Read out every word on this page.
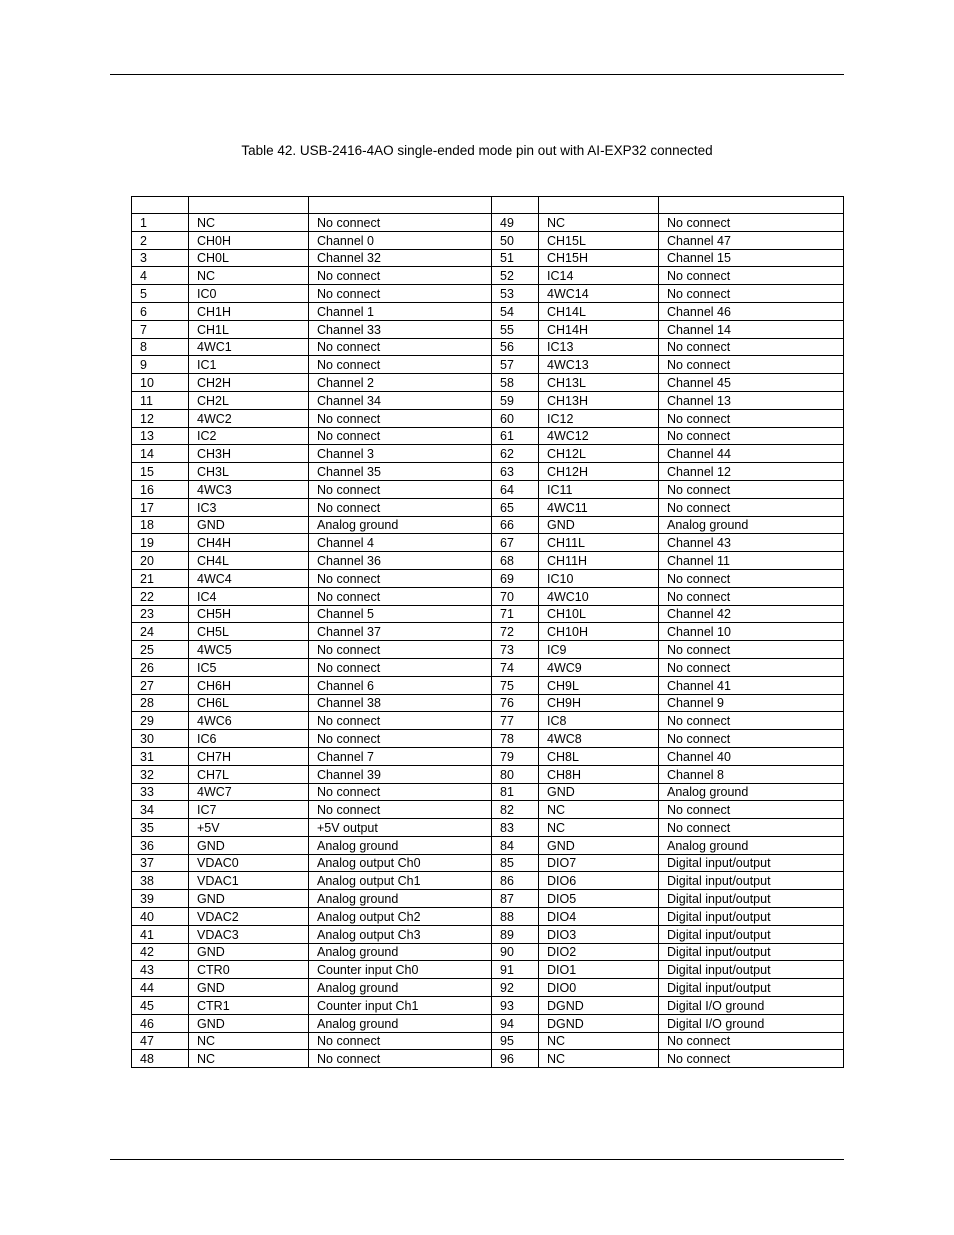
Table 42. USB-2416-4AO single-ended mode pin out with AI-EXP32 connected

1	NC	No connect	49	NC	No connect
2	CH0H	Channel 0	50	CH15L	Channel 47
3	CH0L	Channel 32	51	CH15H	Channel 15
4	NC	No connect	52	IC14	No connect
5	IC0	No connect	53	4WC14	No connect
6	CH1H	Channel 1	54	CH14L	Channel 46
7	CH1L	Channel 33	55	CH14H	Channel 14
8	4WC1	No connect	56	IC13	No connect
9	IC1	No connect	57	4WC13	No connect
10	CH2H	Channel 2	58	CH13L	Channel 45
11	CH2L	Channel 34	59	CH13H	Channel 13
12	4WC2	No connect	60	IC12	No connect
13	IC2	No connect	61	4WC12	No connect
14	CH3H	Channel 3	62	CH12L	Channel 44
15	CH3L	Channel 35	63	CH12H	Channel 12
16	4WC3	No connect	64	IC11	No connect
17	IC3	No connect	65	4WC11	No connect
18	GND	Analog ground	66	GND	Analog ground
19	CH4H	Channel 4	67	CH11L	Channel 43
20	CH4L	Channel 36	68	CH11H	Channel 11
21	4WC4	No connect	69	IC10	No connect
22	IC4	No connect	70	4WC10	No connect
23	CH5H	Channel 5	71	CH10L	Channel 42
24	CH5L	Channel 37	72	CH10H	Channel 10
25	4WC5	No connect	73	IC9	No connect
26	IC5	No connect	74	4WC9	No connect
27	CH6H	Channel 6	75	CH9L	Channel 41
28	CH6L	Channel 38	76	CH9H	Channel 9
29	4WC6	No connect	77	IC8	No connect
30	IC6	No connect	78	4WC8	No connect
31	CH7H	Channel 7	79	CH8L	Channel 40
32	CH7L	Channel 39	80	CH8H	Channel 8
33	4WC7	No connect	81	GND	Analog ground
34	IC7	No connect	82	NC	No connect
35	+5V	+5V output	83	NC	No connect
36	GND	Analog ground	84	GND	Analog ground
37	VDAC0	Analog output Ch0	85	DIO7	Digital input/output
38	VDAC1	Analog output Ch1	86	DIO6	Digital input/output
39	GND	Analog ground	87	DIO5	Digital input/output
40	VDAC2	Analog output Ch2	88	DIO4	Digital input/output
41	VDAC3	Analog output Ch3	89	DIO3	Digital input/output
42	GND	Analog ground	90	DIO2	Digital input/output
43	CTR0	Counter input Ch0	91	DIO1	Digital input/output
44	GND	Analog ground	92	DIO0	Digital input/output
45	CTR1	Counter input Ch1	93	DGND	Digital I/O ground
46	GND	Analog ground	94	DGND	Digital I/O ground
47	NC	No connect	95	NC	No connect
48	NC	No connect	96	NC	No connect
